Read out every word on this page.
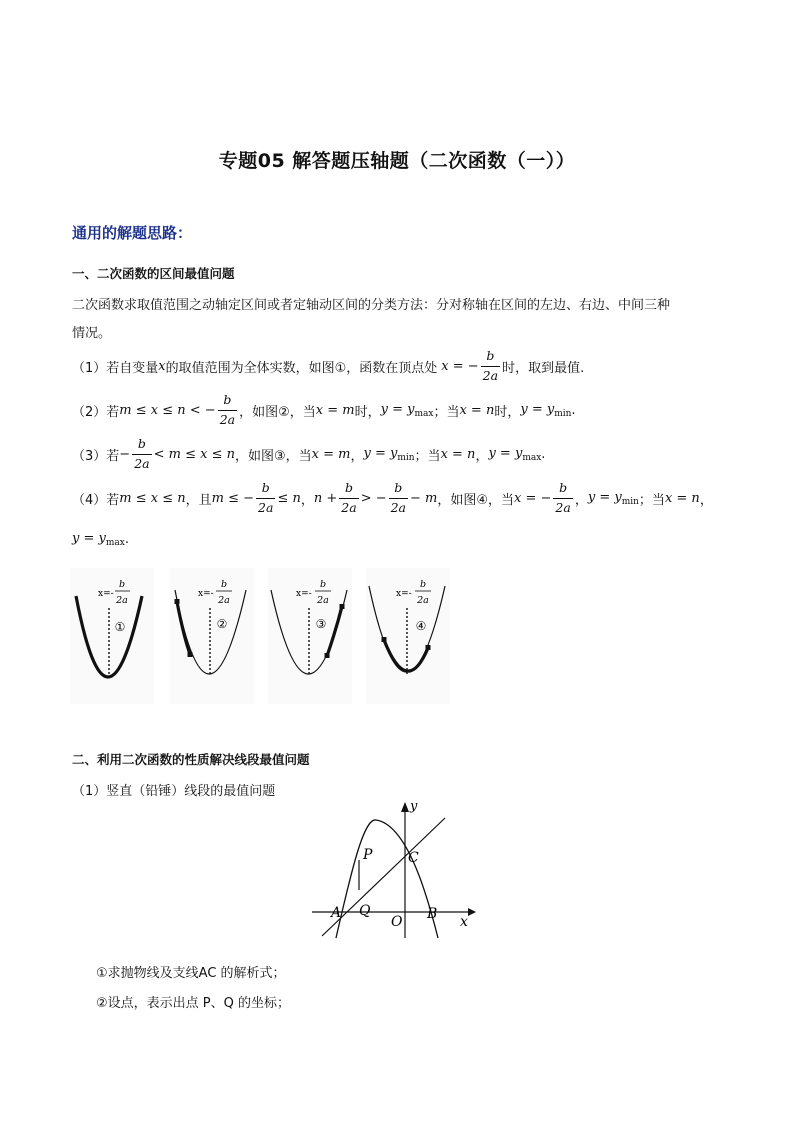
专题05 解答题压轴题（二次函数（一））
通用的解题思路：
一、二次函数的区间最值问题
二次函数求取值范围之动轴定区间或者定轴动区间的分类方法：分对称轴在区间的左边、右边、中间三种
情况。
（1）若自变量 x 的取值范围为全体实数，如图①，函数在顶点处 x = − $\frac{b}{2a}$ 时，取到最值.
（2）若 m ≤ x ≤ n < − $\frac{b}{2a}$ ，如图②，当 x = m 时， $y = y_{max}$ ；当 x = n 时， $y = y_{min}$ .
（3）若 − $\frac{b}{2a} < m \le x \le n$ ，如图③，当 x = m ， $y = y_{min}$ ；当 x = n ， $y = y_{max}$ .
（4）若 m ≤ x ≤ n ，且 m ≤ − $\frac{b}{2a} \le n$ ， $n + \frac{b}{2a}$ > − $\frac{b}{2a} - m$ ，如图④，当 x = − $\frac{b}{2a}$ ， $y = y_{min}$ ；当 x = n ，
$y = y_{max}$ .
x=-
b
2a
①
x=-
b
2a
②
x=-
b
2a
③
x=-
b
2a
④
二、利用二次函数的性质解决线段最值问题
（1）竖直（铅锤）线段的最值问题
y
x
P	C
A Q
O B
①求抛物线及支线AC 的解析式；
②设点，表示出点 P、Q 的坐标；
